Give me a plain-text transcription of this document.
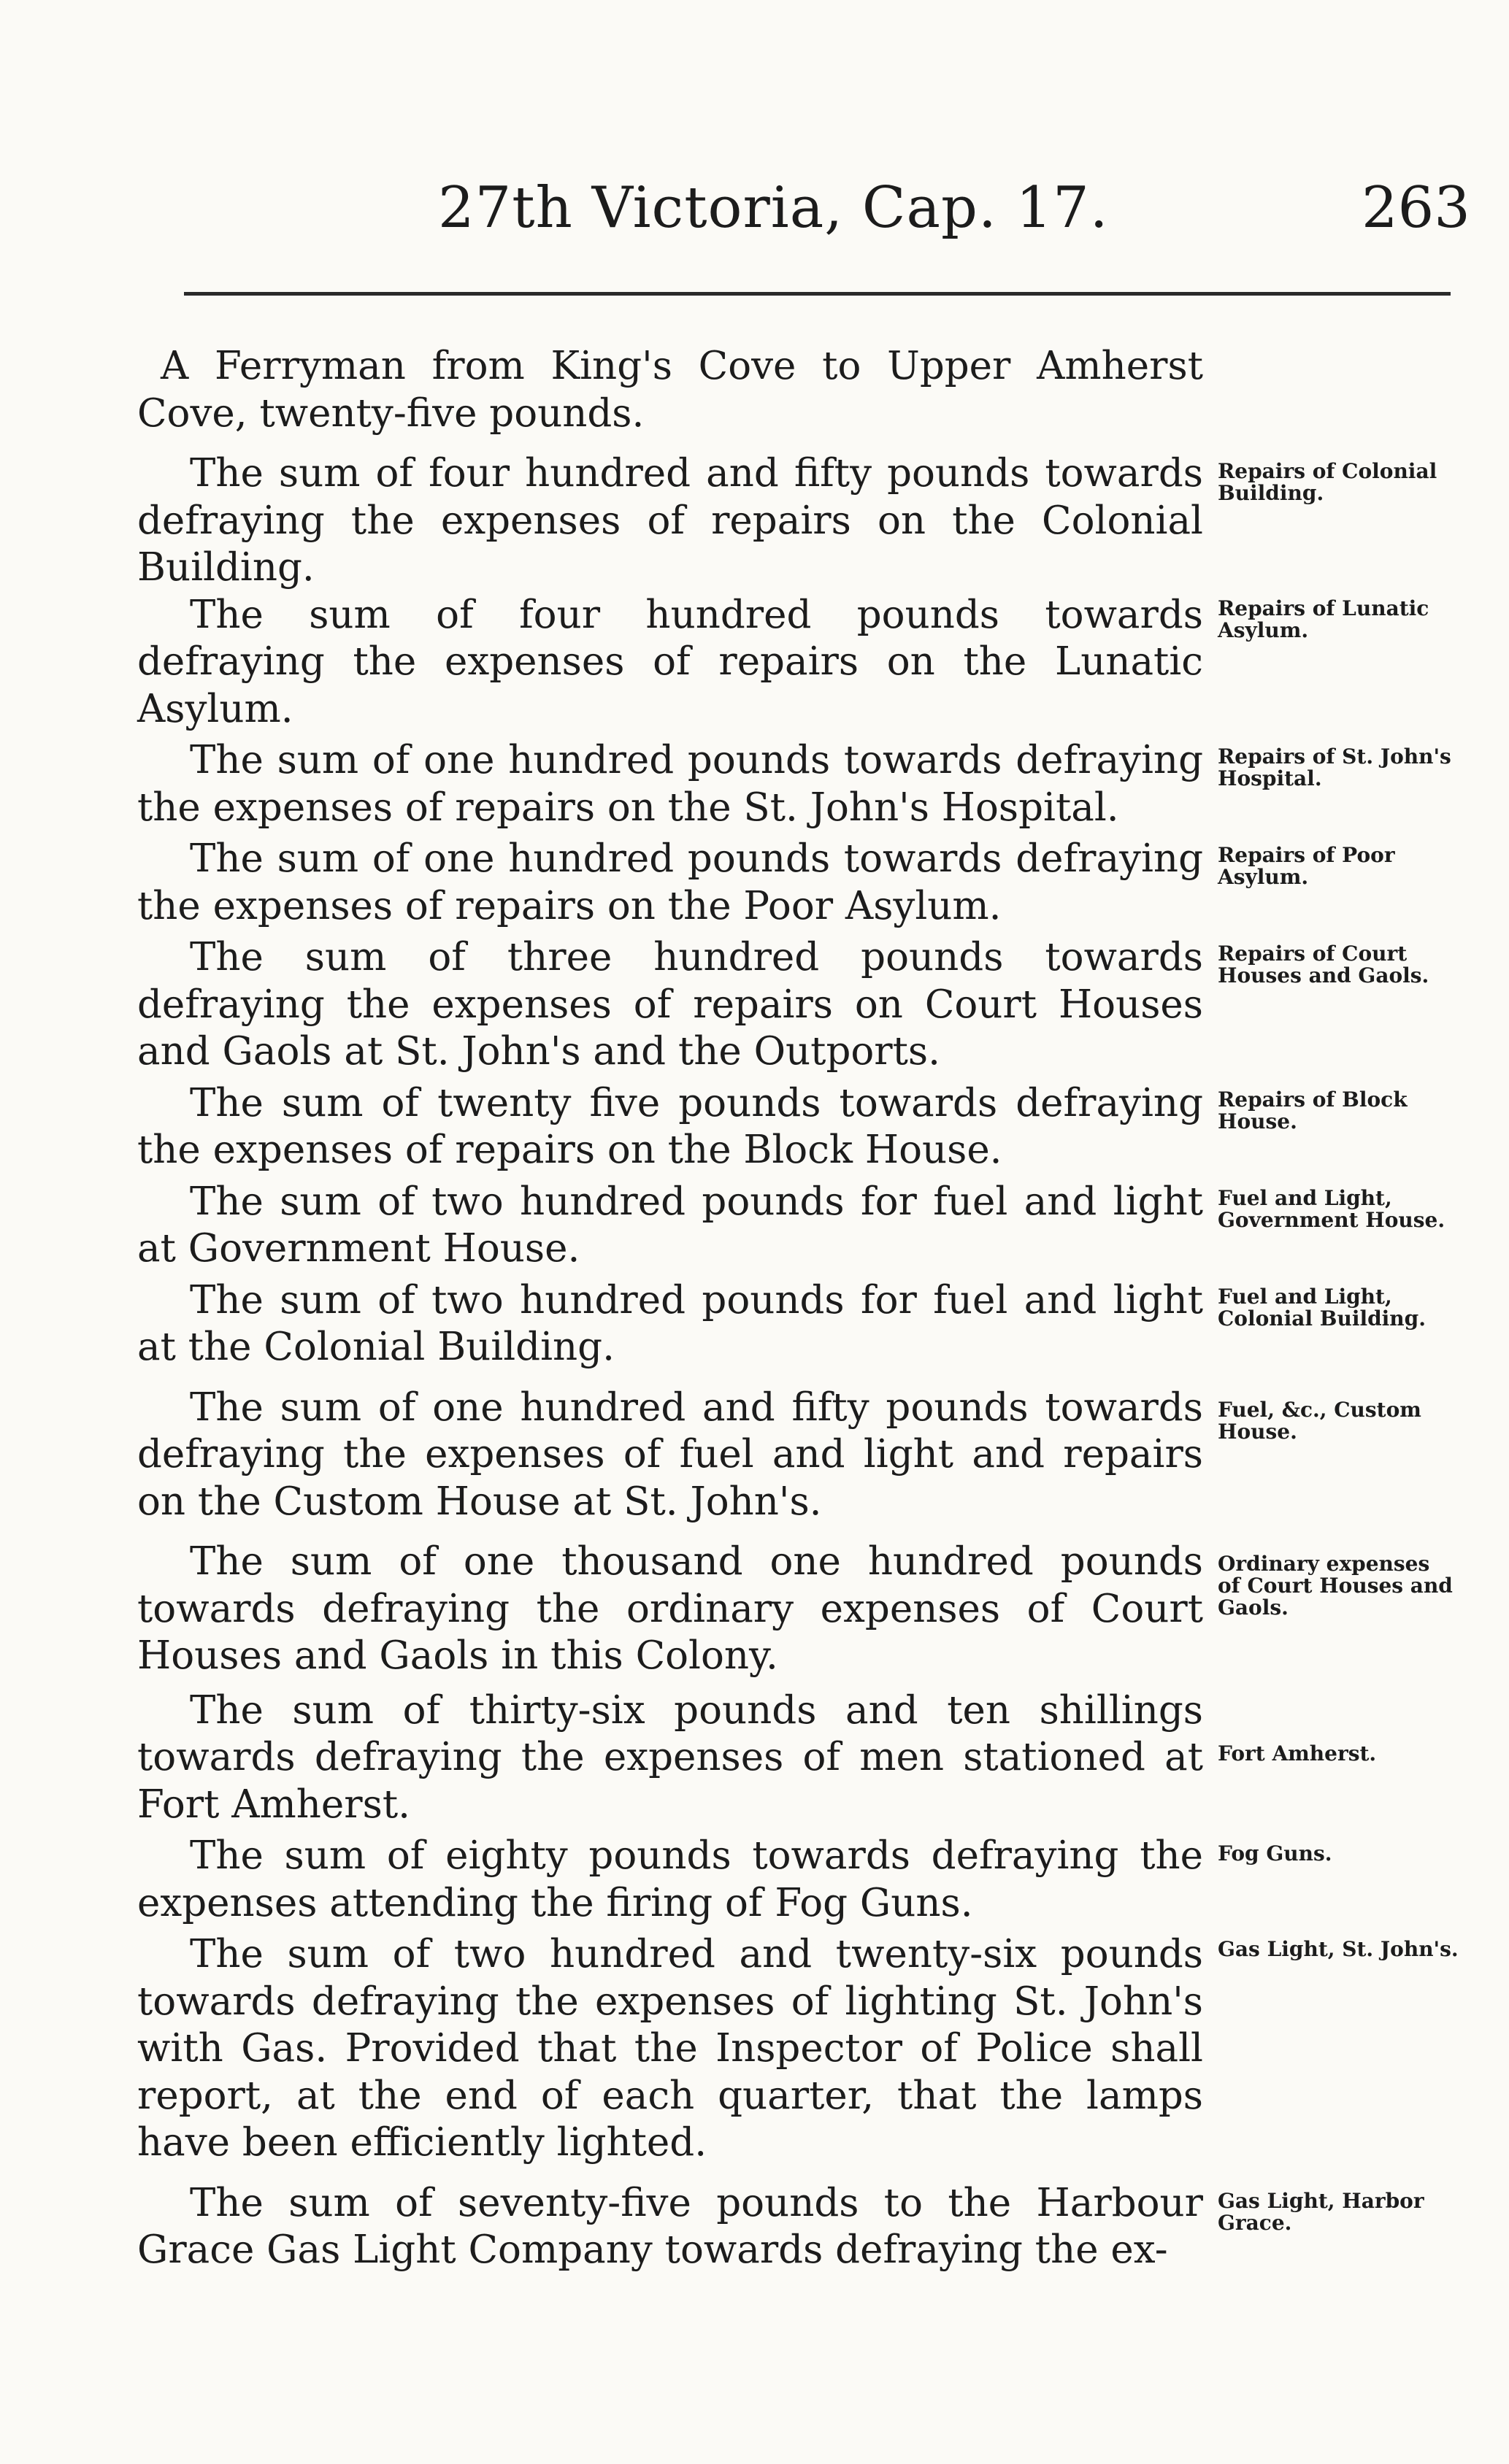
27th Victoria, Cap. 17.	263
A Ferryman from King's Cove to Upper Amherst Cove, twenty-five pounds.
Repairs of Colonial Building.
The sum of four hundred and fifty pounds towards defraying the expenses of repairs on the Colonial Building.
Repairs of Lunatic Asylum.
The sum of four hundred pounds towards defraying the expenses of repairs on the Lunatic Asylum.
Repairs of St. John's Hospital.
The sum of one hundred pounds towards defraying the expenses of repairs on the St. John's Hospital.
Repairs of Poor Asylum.
The sum of one hundred pounds towards defraying the expenses of repairs on the Poor Asylum.
Repairs of Court Houses and Gaols.
The sum of three hundred pounds towards defraying the expenses of repairs on Court Houses and Gaols at St. John's and the Outports.
Repairs of Block House.
The sum of twenty five pounds towards defraying the expenses of repairs on the Block House.
Fuel and Light, Government House.
The sum of two hundred pounds for fuel and light at Government House.
Fuel and Light, Colonial Building.
The sum of two hundred pounds for fuel and light at the Colonial Building.
Fuel, &c., Custom House.
The sum of one hundred and fifty pounds towards defraying the expenses of fuel and light and repairs on the Custom House at St. John's.
Ordinary expenses of Court Houses and Gaols.
The sum of one thousand one hundred pounds towards defraying the ordinary expenses of Court Houses and Gaols in this Colony.
Fort Amherst.
The sum of thirty-six pounds and ten shillings towards defraying the expenses of men stationed at Fort Amherst.
Fog Guns.
The sum of eighty pounds towards defraying the expenses attending the firing of Fog Guns.
Gas Light, St. John's.
The sum of two hundred and twenty-six pounds towards defraying the expenses of lighting St. John's with Gas. Provided that the Inspector of Police shall report, at the end of each quarter, that the lamps have been efficiently lighted.
Gas Light, Harbor Grace.
The sum of seventy-five pounds to the Harbour Grace Gas Light Company towards defraying the ex-
